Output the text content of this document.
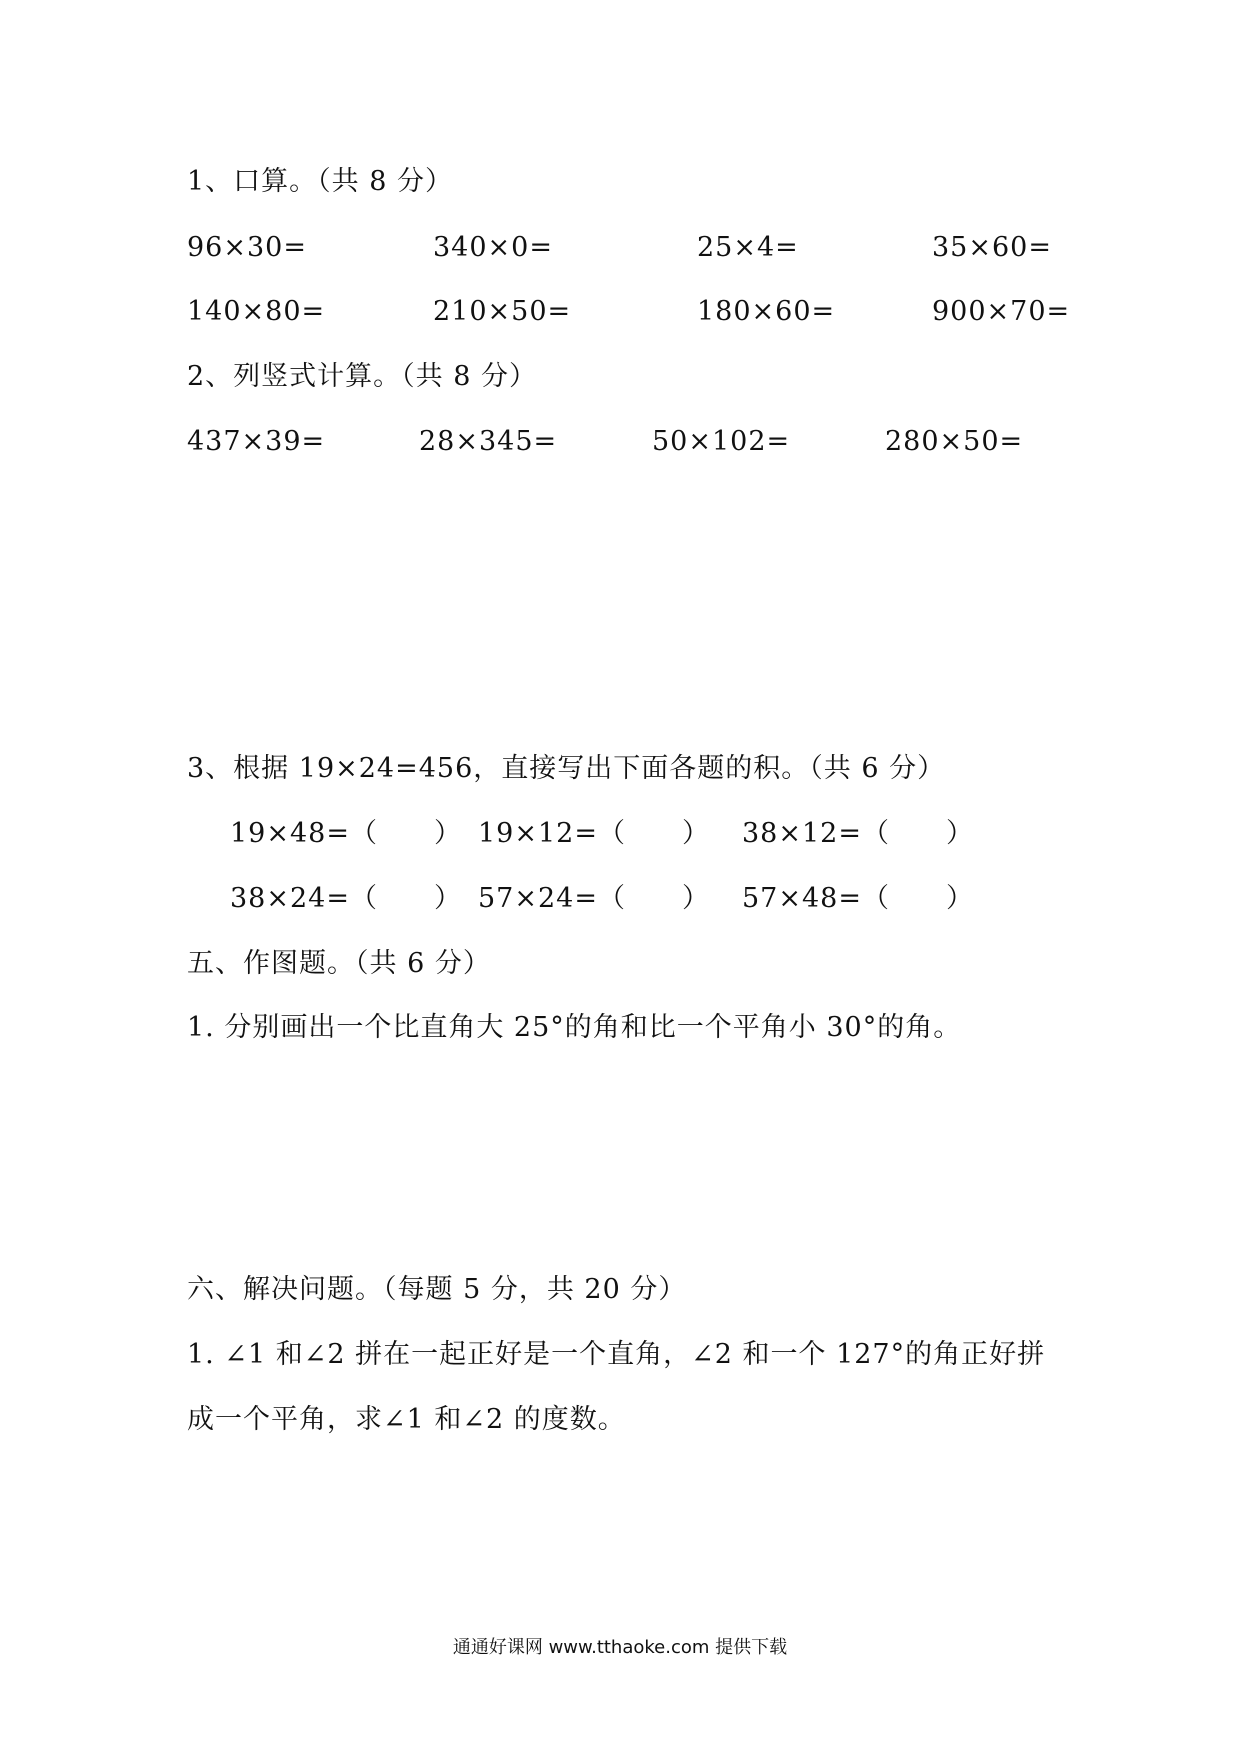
1、口算。（共 8 分）
96×30=	340×0=	25×4=	35×60=
140×80=	210×50=	180×60=	900×70=
2、列竖式计算。（共 8 分）
437×39=	28×345=	50×102=	280×50=
3、根据 19×24=456，直接写出下面各题的积。（共 6 分）
19×48=（　　） 19×12=（　　） 38×12=（　　）
38×24=（　　） 57×24=（　　） 57×48=（　　）
五、作图题。（共 6 分）
1. 分别画出一个比直角大 25°的角和比一个平角小 30°的角。
六、解决问题。（每题 5 分，共 20 分）
1. ∠1 和∠2 拼在一起正好是一个直角，∠2 和一个 127°的角正好拼
成一个平角，求∠1 和∠2 的度数。
通通好课网 www.tthaoke.com 提供下载
